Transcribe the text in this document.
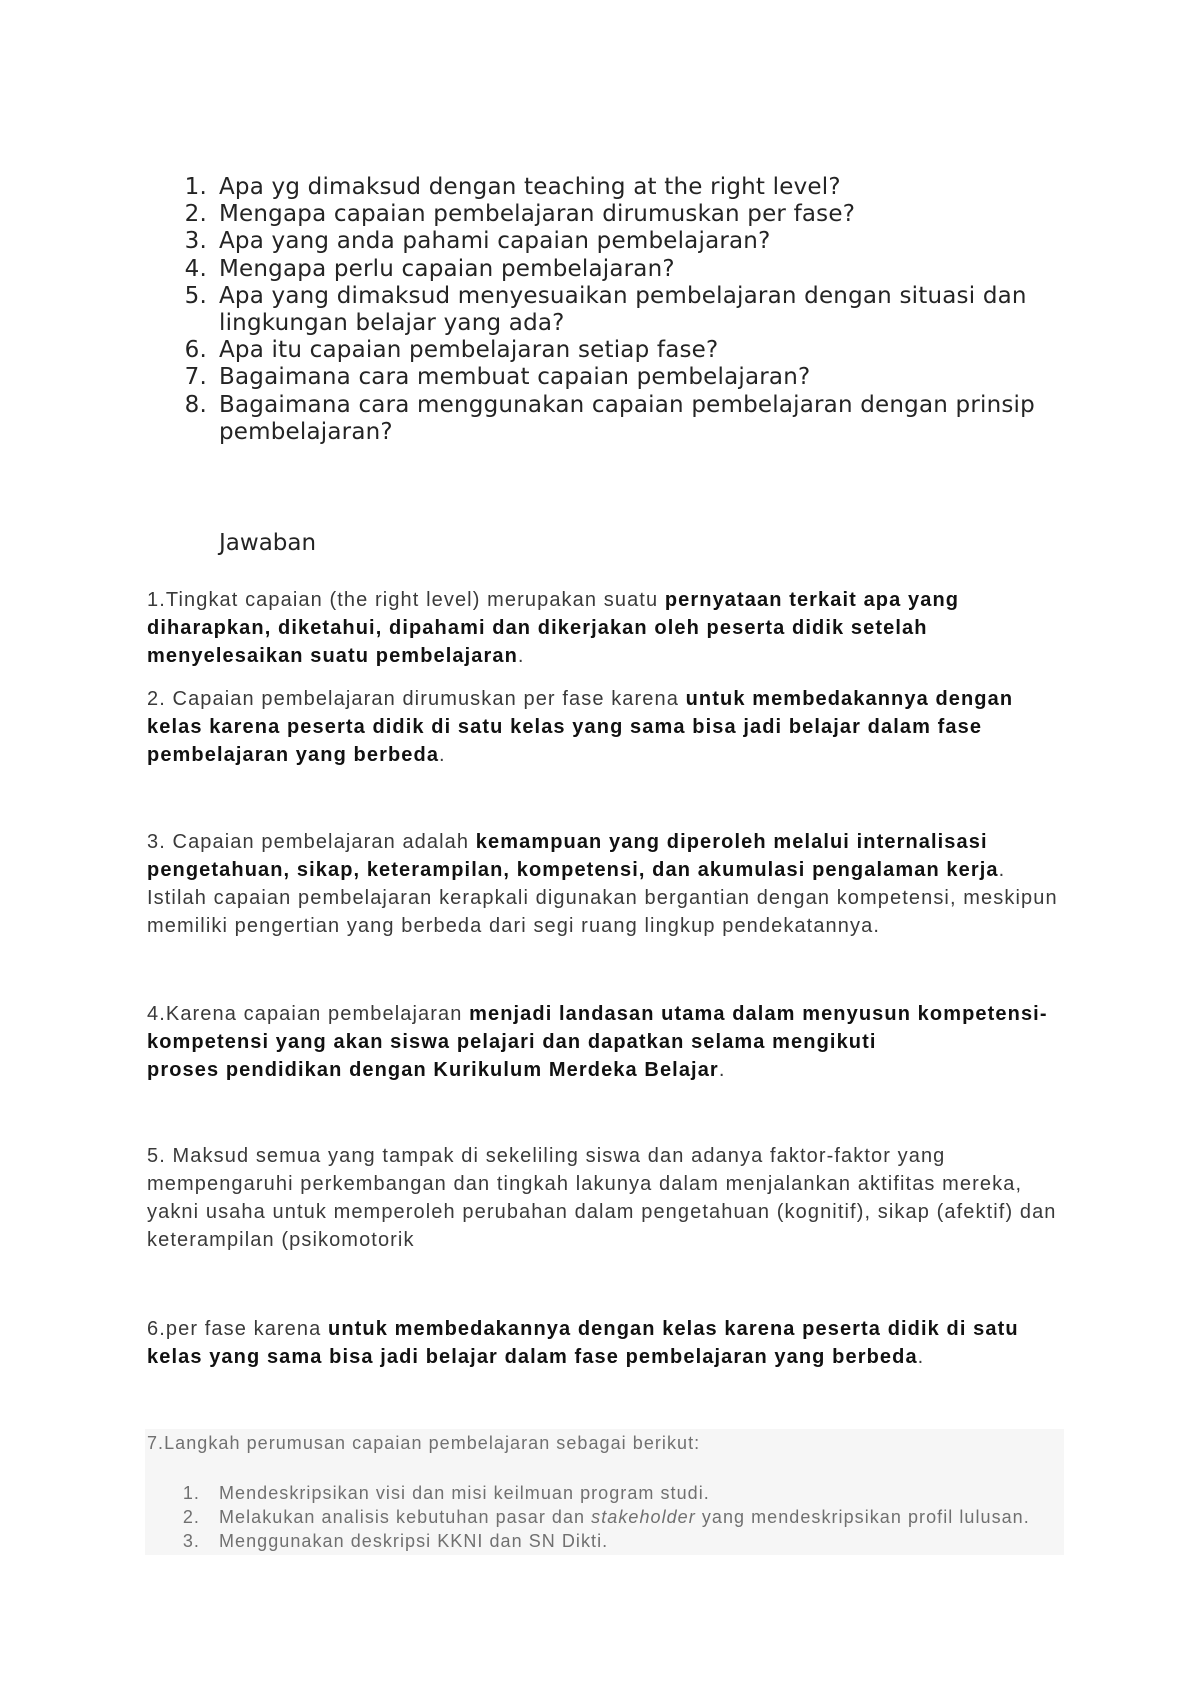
1. Apa yg dimaksud dengan teaching at the right level?
2. Mengapa capaian pembelajaran dirumuskan per fase?
3. Apa yang anda pahami capaian pembelajaran?
4. Mengapa perlu capaian pembelajaran?
5. Apa yang dimaksud menyesuaikan pembelajaran dengan situasi dan
lingkungan belajar yang ada?
6. Apa itu capaian pembelajaran setiap fase?
7. Bagaimana cara membuat capaian pembelajaran?
8. Bagaimana cara menggunakan capaian pembelajaran dengan prinsip
pembelajaran?
Jawaban
1.Tingkat capaian (the right level) merupakan suatu pernyataan terkait apa yang
diharapkan, diketahui, dipahami dan dikerjakan oleh peserta didik setelah
menyelesaikan suatu pembelajaran.
2. Capaian pembelajaran dirumuskan per fase karena untuk membedakannya dengan
kelas karena peserta didik di satu kelas yang sama bisa jadi belajar dalam fase
pembelajaran yang berbeda.
3. Capaian pembelajaran adalah kemampuan yang diperoleh melalui internalisasi
pengetahuan, sikap, keterampilan, kompetensi, dan akumulasi pengalaman kerja.
Istilah capaian pembelajaran kerapkali digunakan bergantian dengan kompetensi, meskipun
memiliki pengertian yang berbeda dari segi ruang lingkup pendekatannya.
4.Karena capaian pembelajaran menjadi landasan utama dalam menyusun kompetensi-
kompetensi yang akan siswa pelajari dan dapatkan selama mengikuti
proses pendidikan dengan Kurikulum Merdeka Belajar.
5. Maksud semua yang tampak di sekeliling siswa dan adanya faktor-faktor yang
mempengaruhi perkembangan dan tingkah lakunya dalam menjalankan aktifitas mereka,
yakni usaha untuk memperoleh perubahan dalam pengetahuan (kognitif), sikap (afektif) dan
keterampilan (psikomotorik
6.per fase karena untuk membedakannya dengan kelas karena peserta didik di satu
kelas yang sama bisa jadi belajar dalam fase pembelajaran yang berbeda.
7.Langkah perumusan capaian pembelajaran sebagai berikut:
1.	Mendeskripsikan visi dan misi keilmuan program studi.
2.	Melakukan analisis kebutuhan pasar dan stakeholder yang mendeskripsikan profil lulusan.
3.	Menggunakan deskripsi KKNI dan SN Dikti.
